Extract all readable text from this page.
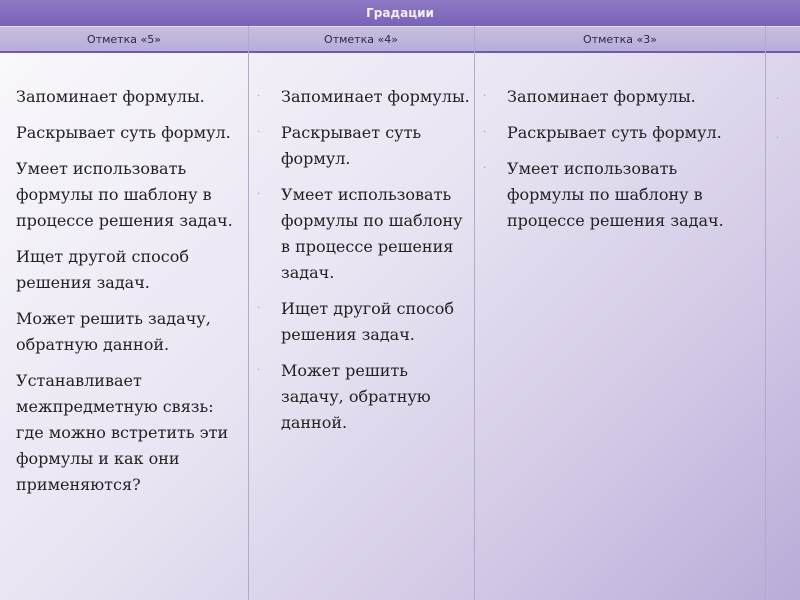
Градации
Отметка «5»	Отметка «4»	Отметка «3»
Запоминает формулы.
Раскрывает суть формул.
Умеет использовать формулы по шаблону в процессе решения задач.
Ищет другой способ решения задач.
Может решить задачу, обратную данной.
Устанавливает межпредметную связь: где можно встретить эти формулы и как они применяются?
· Запоминает формулы.
· Раскрывает суть формул.
· Умеет использовать формулы по шаблону в процессе решения задач.
· Ищет другой способ решения задач.
· Может решить задачу, обратную данной.
· Запоминает формулы.
· Раскрывает суть формул.
· Умеет использовать формулы по шаблону в процессе решения задач.
·
·
